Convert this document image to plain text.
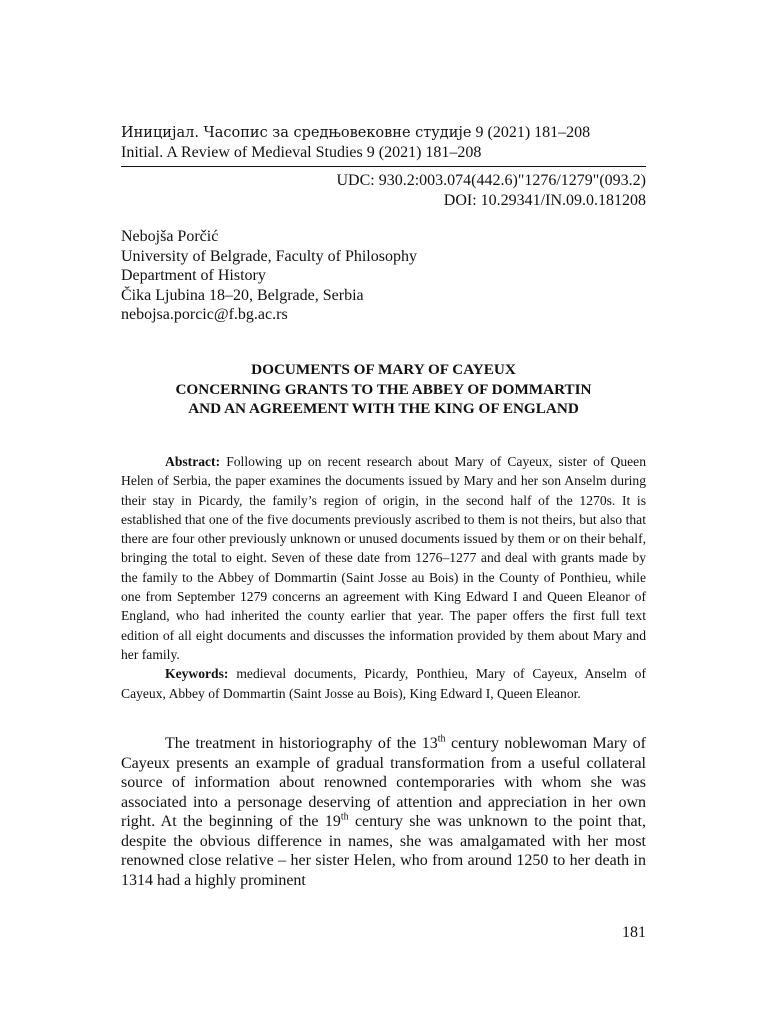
Иницијал. Часопис за средњовековне студије 9 (2021) 181–208
Initial. A Review of Medieval Studies 9 (2021) 181–208
UDC: 930.2:003.074(442.6)"1276/1279"(093.2)
DOI: 10.29341/IN.09.0.181208
Nebojša Porčić
University of Belgrade, Faculty of Philosophy
Department of History
Čika Ljubina 18–20, Belgrade, Serbia
nebojsa.porcic@f.bg.ac.rs
DOCUMENTS OF MARY OF CAYEUX
CONCERNING GRANTS TO THE ABBEY OF DOMMARTIN
AND AN AGREEMENT WITH THE KING OF ENGLAND

Abstract: Following up on recent research about Mary of Cayeux, sister of Queen Helen of Serbia, the paper examines the documents issued by Mary and her son Anselm during their stay in Picardy, the family’s region of origin, in the second half of the 1270s. It is established that one of the five documents previously ascribed to them is not theirs, but also that there are four other previously unknown or unused documents issued by them or on their behalf, bringing the total to eight. Seven of these date from 1276–1277 and deal with grants made by the family to the Abbey of Dommartin (Saint Josse au Bois) in the County of Ponthieu, while one from September 1279 concerns an agreement with King Edward I and Queen Eleanor of England, who had inherited the county earlier that year. The paper offers the first full text edition of all eight documents and discusses the information provided by them about Mary and her family.

Keywords: medieval documents, Picardy, Ponthieu, Mary of Cayeux, Anselm of Cayeux, Abbey of Dommartin (Saint Josse au Bois), King Edward I, Queen Eleanor.

The treatment in historiography of the 13th century noblewoman Mary of Cayeux presents an example of gradual transformation from a useful collateral source of information about renowned contemporaries with whom she was associated into a personage deserving of attention and appreciation in her own right. At the beginning of the 19th century she was unknown to the point that, despite the obvious difference in names, she was amalgamated with her most renowned close relative – her sister Helen, who from around 1250 to her death in 1314 had a highly prominent

181
